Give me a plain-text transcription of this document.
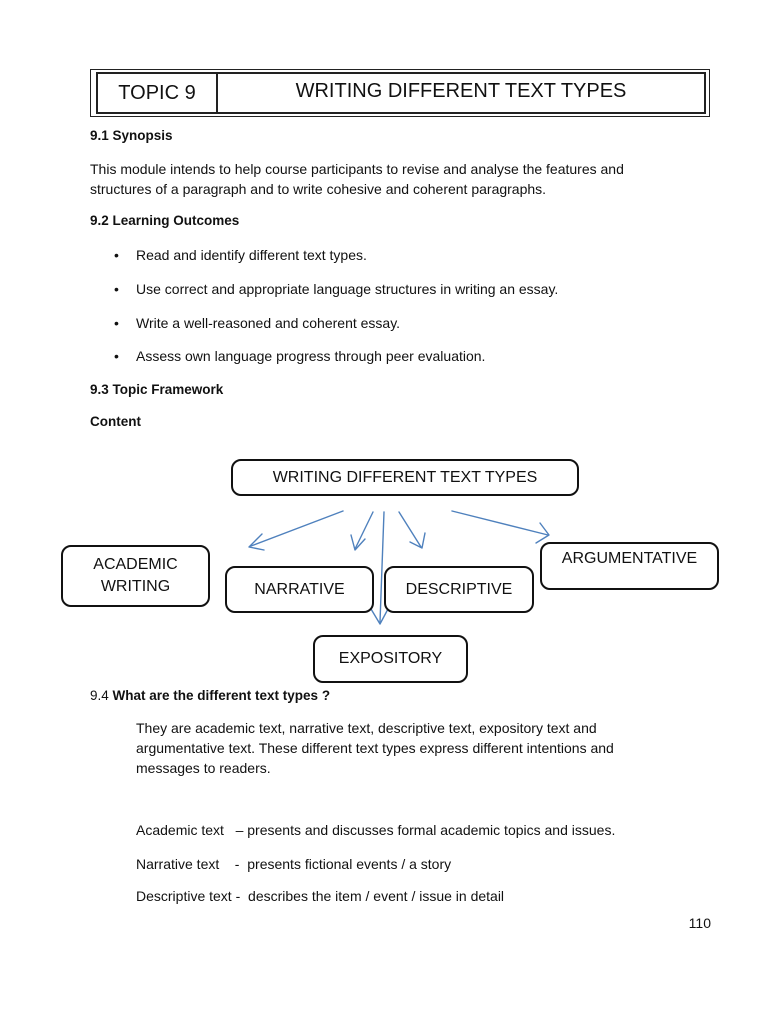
TOPIC 9	WRITING DIFFERENT TEXT TYPES
9.1 Synopsis
This module intends to help course participants to revise and analyse the features and
structures of a paragraph and to write cohesive and coherent paragraphs.
9.2 Learning Outcomes
• Read and identify different text types.
• Use correct and appropriate language structures in writing an essay.
• Write a well-reasoned and coherent essay.
• Assess own language progress through peer evaluation.
9.3 Topic Framework
Content
WRITING DIFFERENT TEXT TYPES
ACADEMIC
WRITING	NARRATIVE	DESCRIPTIVE
ARGUMENTATIVE
EXPOSITORY
9.4 What are the different text types ?
They are academic text, narrative text, descriptive text, expository text and
argumentative text. These different text types express different intentions and
messages to readers.
Academic text   – presents and discusses formal academic topics and issues.
Narrative text    -  presents fictional events / a story
Descriptive text -  describes the item / event / issue in detail
110
